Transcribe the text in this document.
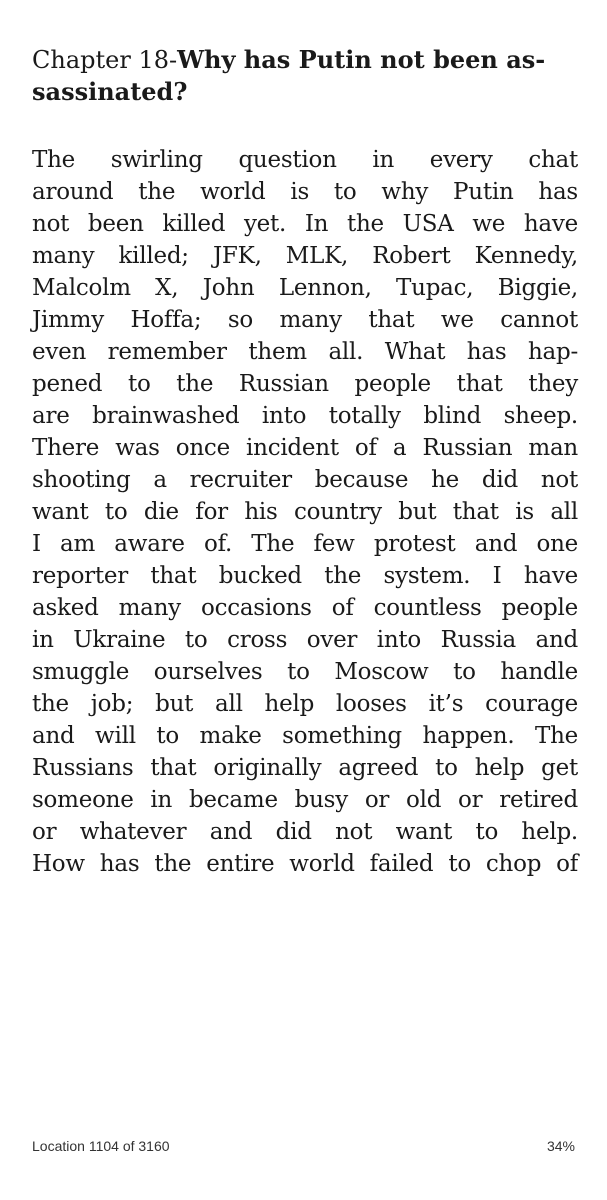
Chapter 18-Why has Putin not been as-
sassinated?
The swirling question in every chat
around the world is to why Putin has
not been killed yet. In the USA we have
many killed; JFK, MLK, Robert Kennedy,
Malcolm X, John Lennon, Tupac, Biggie,
Jimmy Hoffa; so many that we cannot
even remember them all. What has hap-
pened to the Russian people that they
are brainwashed into totally blind sheep.
There was once incident of a Russian man
shooting a recruiter because he did not
want to die for his country but that is all
I am aware of. The few protest and one
reporter that bucked the system. I have
asked many occasions of countless people
in Ukraine to cross over into Russia and
smuggle ourselves to Moscow to handle
the job; but all help looses it’s courage
and will to make something happen. The
Russians that originally agreed to help get
someone in became busy or old or retired
or whatever and did not want to help.
How has the entire world failed to chop of
Location 1104 of 3160	34%
